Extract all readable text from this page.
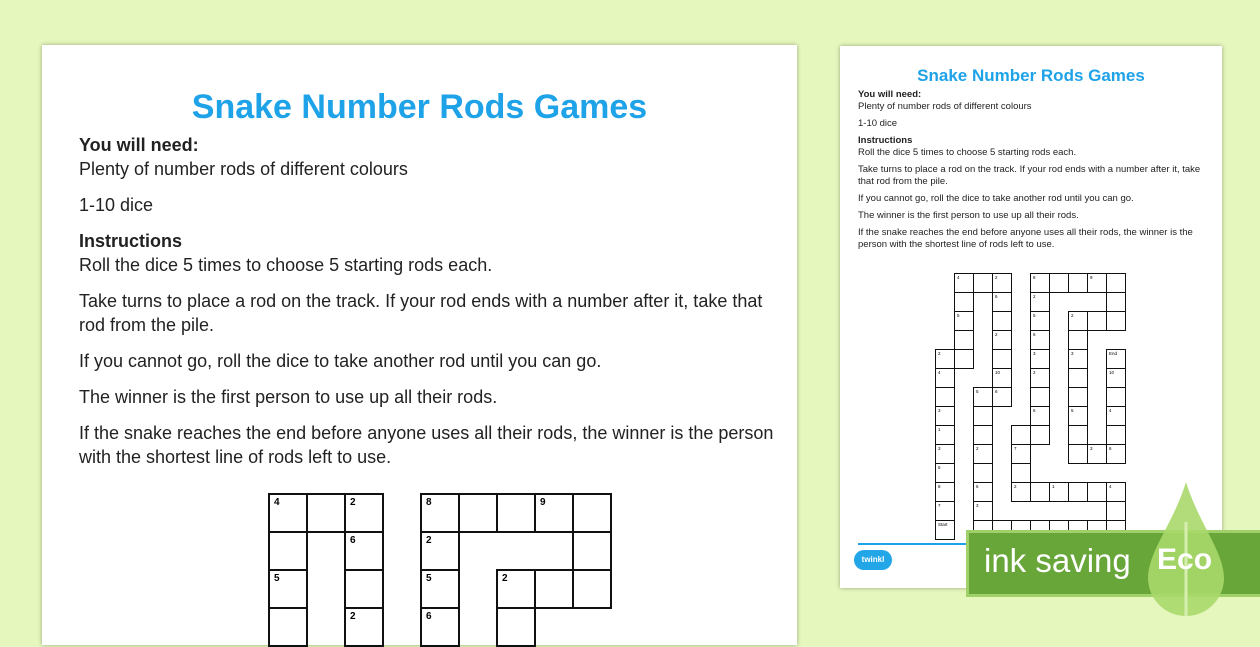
Snake Number Rods Games
You will need:

Plenty of number rods of different colours

1-10 dice

Instructions

Roll the dice 5 times to choose 5 starting rods each.

Take turns to place a rod on the track. If your rod ends with a number after it, take that rod from the pile.

If you cannot go, roll the dice to take another rod until you can go.

The winner is the first person to use up all their rods.

If the snake reaches the end before anyone uses all their rods, the winner is the person with the shortest line of rods left to use.

4	2
6
5
2
8	9
2
5	2
6
Snake Number Rods Games
You will need:

Plenty of number rods of different colours

1-10 dice

Instructions

Roll the dice 5 times to choose 5 starting rods each.

Take turns to place a rod on the track. If your rod ends with a number after it, take that rod from the pile.

If you cannot go, roll the dice to take another rod until you can go.

The winner is the first person to use up all their rods.

If the snake reaches the end before anyone uses all their rods, the winner is the person with the shortest line of rods left to use.

4	2	8	9
6	2
5	5	2
2	6
2	3	3	End
4	10	2	10
5	6
3	6	5	4
1
3	2	7	3	6
5
8	6	2	1	4
7	3
Start
twinkl	ink saving Eco
